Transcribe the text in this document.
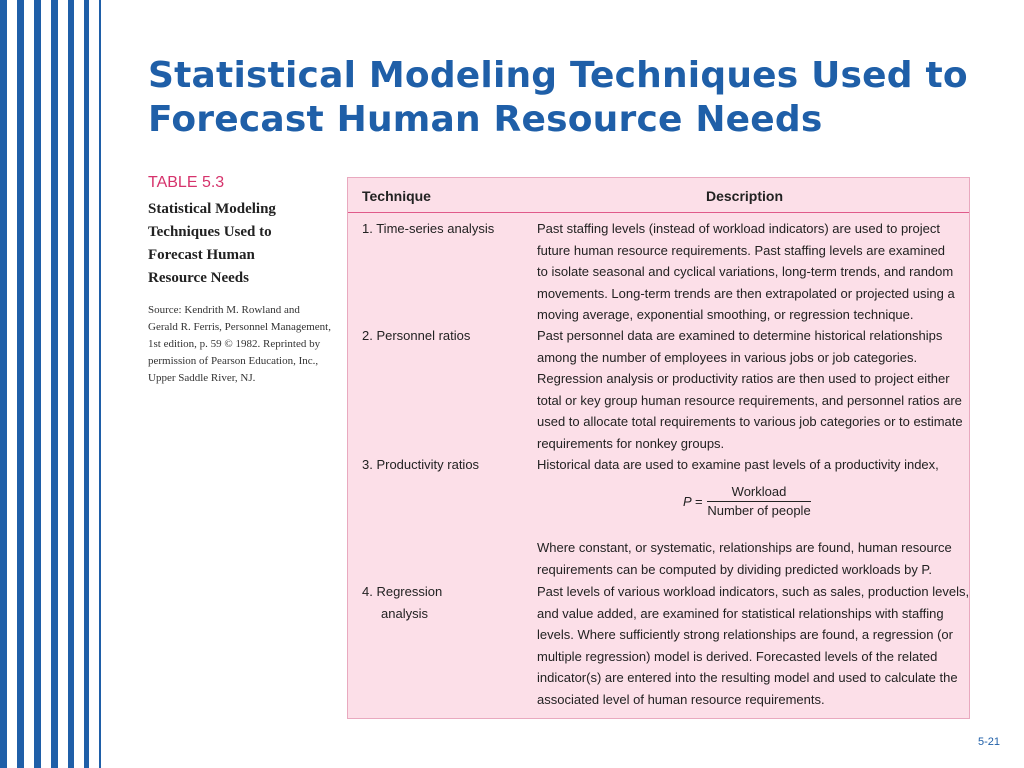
Statistical Modeling Techniques Used to
Forecast Human Resource Needs
TABLE 5.3
Statistical Modeling
Techniques Used to
Forecast Human
Resource Needs
Source: Kendrith M. Rowland and
Gerald R. Ferris, Personnel Management,
1st edition, p. 59 © 1982. Reprinted by
permission of Pearson Education, Inc.,
Upper Saddle River, NJ.
Technique	Description
1. Time-series analysis	Past staffing levels (instead of workload indicators) are used to project
future human resource requirements. Past staffing levels are examined
to isolate seasonal and cyclical variations, long-term trends, and random
movements. Long-term trends are then extrapolated or projected using a
moving average, exponential smoothing, or regression technique.
2. Personnel ratios	Past personnel data are examined to determine historical relationships
among the number of employees in various jobs or job categories.
Regression analysis or productivity ratios are then used to project either
total or key group human resource requirements, and personnel ratios are
used to allocate total requirements to various job categories or to estimate
requirements for nonkey groups.
3. Productivity ratios	Historical data are used to examine past levels of a productivity index,
P =
Workload
Number of people
Where constant, or systematic, relationships are found, human resource
requirements can be computed by dividing predicted workloads by P.
4. Regression
analysis
Past levels of various workload indicators, such as sales, production levels,
and value added, are examined for statistical relationships with staffing
levels. Where sufficiently strong relationships are found, a regression (or
multiple regression) model is derived. Forecasted levels of the related
indicator(s) are entered into the resulting model and used to calculate the
associated level of human resource requirements.
5-21
